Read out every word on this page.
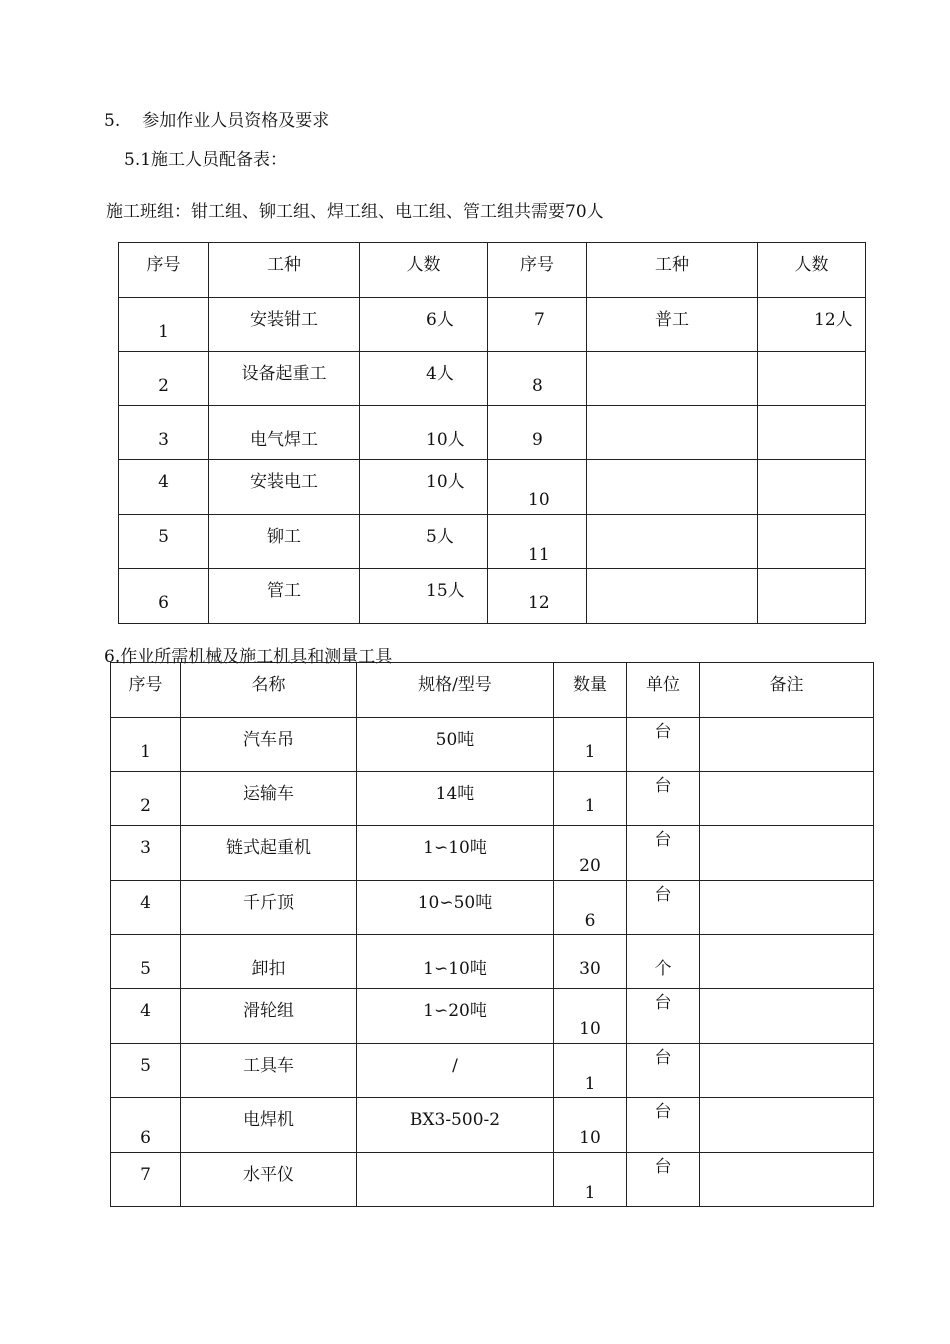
5. 参加作业人员资格及要求
5.1施工人员配备表：
施工班组：钳工组、铆工组、焊工组、电工组、管工组共需要70人
序号	工种	人数	序号	工种	人数
1	安装钳工	6人	7	普工	12人
2	设备起重工	4人	8		
3	电气焊工	10人	9		
4	安装电工	10人	10		
5	铆工	5人	11		
6	管工	15人	12		
6.作业所需机械及施工机具和测量工具
序号	名称	规格/型号	数量	单位	备注
1	汽车吊	50吨	1	台	
2	运输车	14吨	1	台	
3	链式起重机	1∽10吨	20	台	
4	千斤顶	10∽50吨	6	台	
5	卸扣	1∽10吨	30	个	
4	滑轮组	1∽20吨	10	台	
5	工具车	/	1	台	
6	电焊机	BX3-500-2	10	台	
7	水平仪		1	台	
